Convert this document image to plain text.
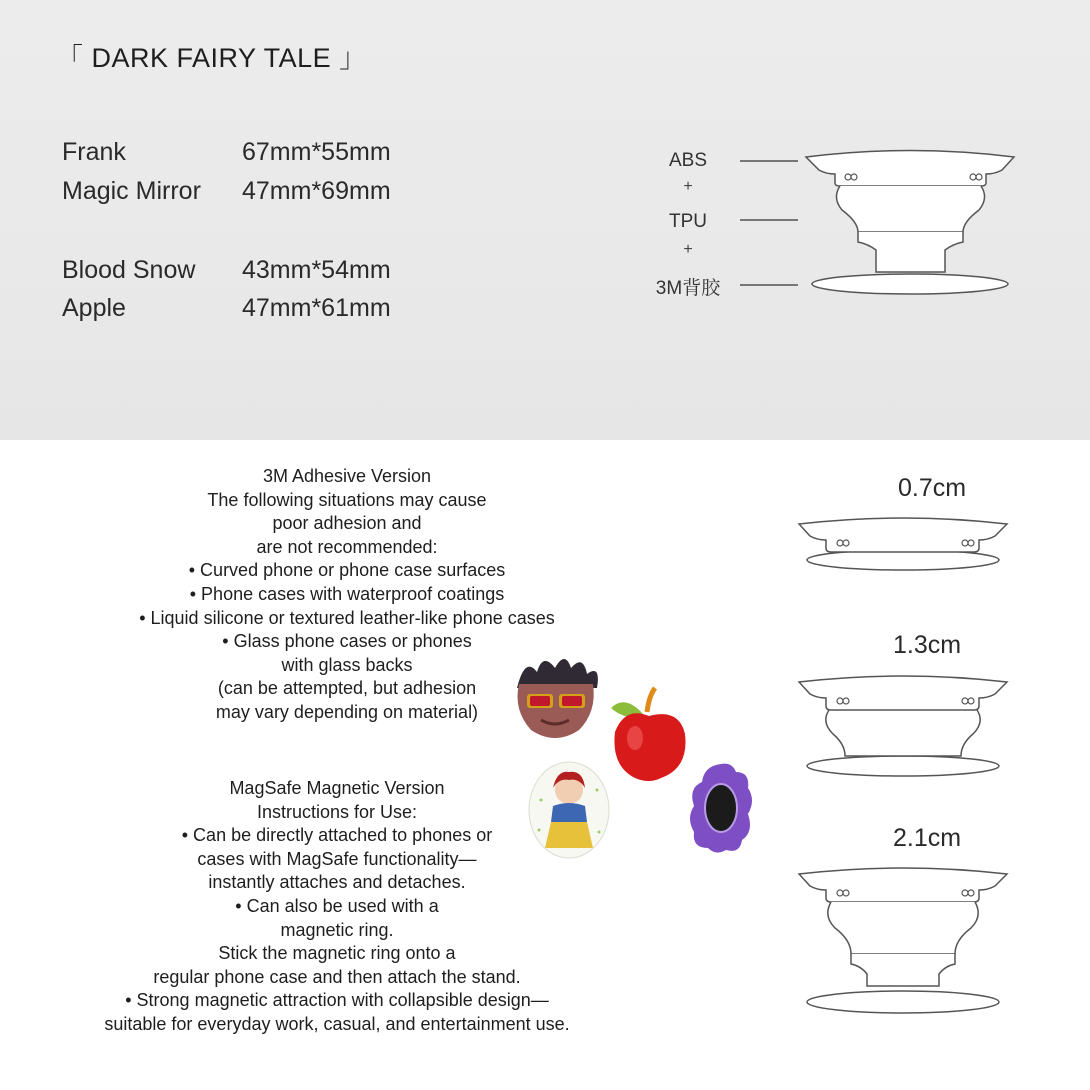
「 DARK FAIRY TALE 」
Frank	67mm*55mm
Magic Mirror 47mm*69mm
Blood Snow 43mm*54mm
Apple	47mm*61mm
ABS
+
TPU
+
3M背胶
3M Adhesive Version
The following situations may cause
poor adhesion and
are not recommended:
• Curved phone or phone case surfaces
• Phone cases with waterproof coatings
• Liquid silicone or textured leather-like phone cases
• Glass phone cases or phones
with glass backs
(can be attempted, but adhesion
may vary depending on material)
MagSafe Magnetic Version
Instructions for Use:
• Can be directly attached to phones or
cases with MagSafe functionality—
instantly attaches and detaches.
• Can also be used with a
magnetic ring.
Stick the magnetic ring onto a
regular phone case and then attach the stand.
• Strong magnetic attraction with collapsible design—
suitable for everyday work, casual, and entertainment use.
0.7cm
1.3cm
2.1cm
